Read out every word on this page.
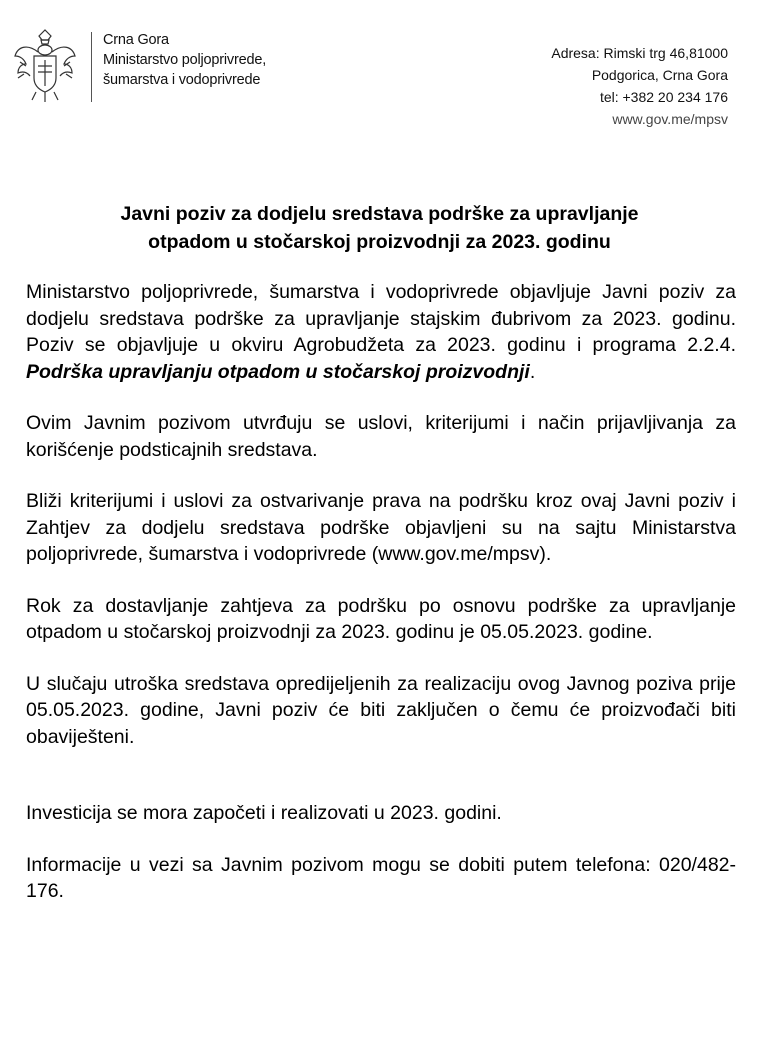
Crna Gora
Ministarstvo poljoprivrede,
šumarstva i vodoprivrede
Adresa: Rimski trg 46,81000
Podgorica, Crna Gora
tel: +382 20 234 176
www.gov.me/mpsv
Javni poziv za dodjelu sredstava podrške za upravljanje
otpadom u stočarskoj proizvodnji za 2023. godinu

Ministarstvo poljoprivrede, šumarstva i vodoprivrede objavljuje Javni poziv za dodjelu sredstava podrške za upravljanje stajskim đubrivom za 2023. godinu. Poziv se objavljuje u okviru Agrobudžeta za 2023. godinu i programa 2.2.4. Podrška upravljanju otpadom u stočarskoj proizvodnji.

Ovim Javnim pozivom utvrđuju se uslovi, kriterijumi i način prijavljivanja za korišćenje podsticajnih sredstava.

Bliži kriterijumi i uslovi za ostvarivanje prava na podršku kroz ovaj Javni poziv i Zahtjev za dodjelu sredstava podrške objavljeni su na sajtu Ministarstva poljoprivrede, šumarstva i vodoprivrede (www.gov.me/mpsv).

Rok za dostavljanje zahtjeva za podršku po osnovu podrške za upravljanje otpadom u stočarskoj proizvodnji za 2023. godinu je 05.05.2023. godine.

U slučaju utroška sredstava opredijeljenih za realizaciju ovog Javnog poziva prije 05.05.2023. godine, Javni poziv će biti zaključen o čemu će proizvođači biti obaviješteni.

Investicija se mora započeti i realizovati u 2023. godini.

Informacije u vezi sa Javnim pozivom mogu se dobiti putem telefona: 020/482-176.
